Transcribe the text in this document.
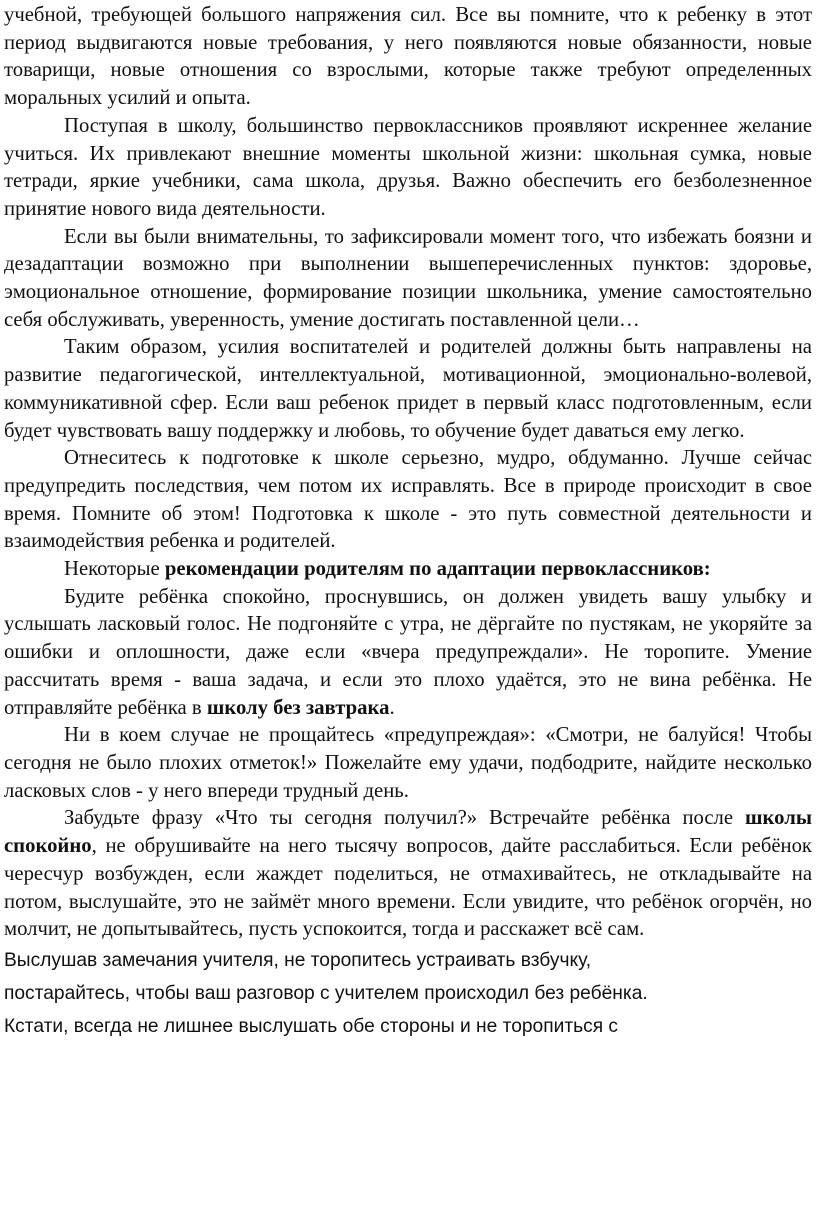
учебной, требующей большого напряжения сил. Все вы помните, что к ребенку в этот период выдвигаются новые требования, у него появляются новые обязанности, новые товарищи, новые отношения со взрослыми, которые также требуют определенных моральных усилий и опыта.

Поступая в школу, большинство первоклассников проявляют искреннее желание учиться. Их привлекают внешние моменты школьной жизни: школьная сумка, новые тетради, яркие учебники, сама школа, друзья. Важно обеспечить его безболезненное принятие нового вида деятельности.

Если вы были внимательны, то зафиксировали момент того, что избежать боязни и дезадаптации возможно при выполнении вышеперечисленных пунктов: здоровье, эмоциональное отношение, формирование позиции школьника, умение самостоятельно себя обслуживать, уверенность, умение достигать поставленной цели…

Таким образом, усилия воспитателей и родителей должны быть направлены на развитие педагогической, интеллектуальной, мотивационной, эмоционально-волевой, коммуникативной сфер. Если ваш ребенок придет в первый класс подготовленным, если будет чувствовать вашу поддержку и любовь, то обучение будет даваться ему легко.

Отнеситесь к подготовке к школе серьезно, мудро, обдуманно. Лучше сейчас предупредить последствия, чем потом их исправлять. Все в природе происходит в свое время. Помните об этом! Подготовка к школе - это путь совместной деятельности и взаимодействия ребенка и родителей.

Некоторые рекомендации родителям по адаптации первоклассников:

Будите ребёнка спокойно, проснувшись, он должен увидеть вашу улыбку и услышать ласковый голос. Не подгоняйте с утра, не дёргайте по пустякам, не укоряйте за ошибки и оплошности, даже если «вчера предупреждали». Не торопите. Умение рассчитать время - ваша задача, и если это плохо удаётся, это не вина ребёнка. Не отправляйте ребёнка в школу без завтрака.

Ни в коем случае не прощайтесь «предупреждая»: «Смотри, не балуйся! Чтобы сегодня не было плохих отметок!» Пожелайте ему удачи, подбодрите, найдите несколько ласковых слов - у него впереди трудный день.

Забудьте фразу «Что ты сегодня получил?» Встречайте ребёнка после школы спокойно, не обрушивайте на него тысячу вопросов, дайте расслабиться. Если ребёнок чересчур возбужден, если жаждет поделиться, не отмахивайтесь, не откладывайте на потом, выслушайте, это не займёт много времени. Если увидите, что ребёнок огорчён, но молчит, не допытывайтесь, пусть успокоится, тогда и расскажет всё сам.

Выслушав замечания учителя, не торопитесь устраивать взбучку,
постарайтесь, чтобы ваш разговор с учителем происходил без ребёнка.
Кстати, всегда не лишнее выслушать обе стороны и не торопиться с
